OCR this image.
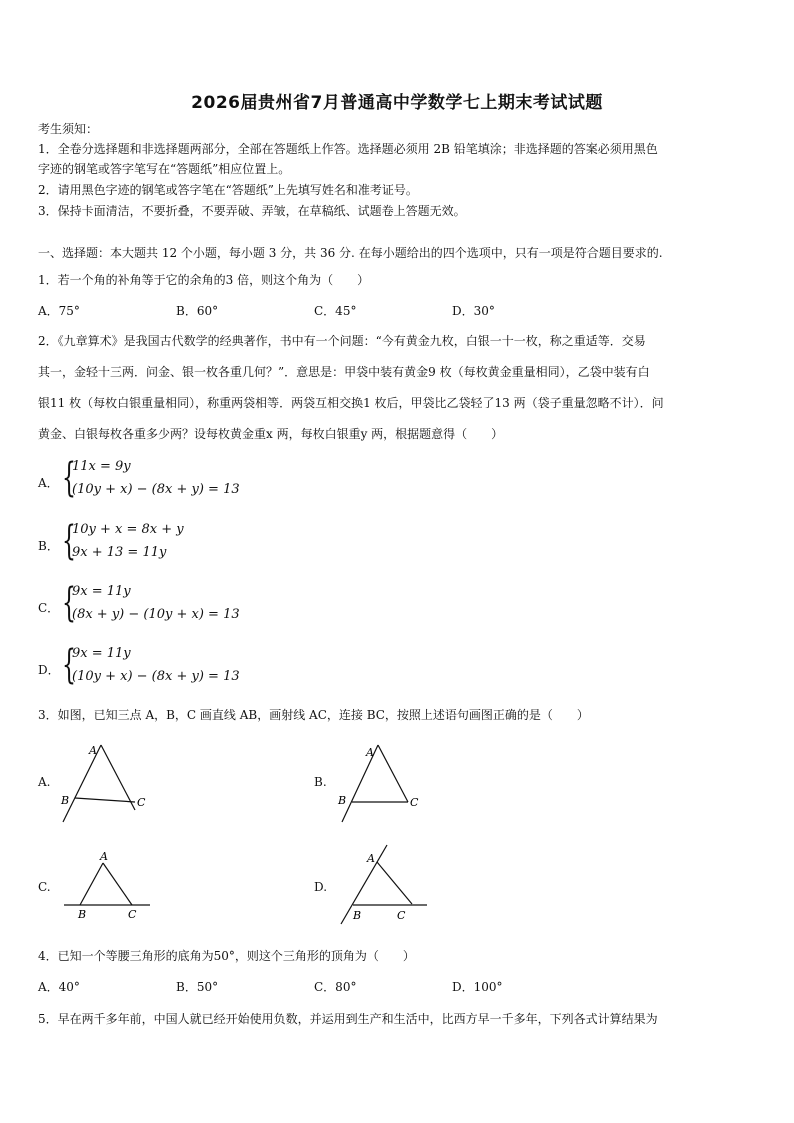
2026届贵州省7月普通高中学数学七上期末考试试题
考生须知：
1．全卷分选择题和非选择题两部分，全部在答题纸上作答。选择题必须用 2B 铅笔填涂；非选择题的答案必须用黑色
字迹的钢笔或答字笔写在“答题纸”相应位置上。
2．请用黑色字迹的钢笔或答字笔在“答题纸”上先填写姓名和准考证号。
3．保持卡面清洁，不要折叠，不要弄破、弄皱，在草稿纸、试题卷上答题无效。
一、选择题：本大题共 12 个小题，每小题 3 分，共 36 分. 在每小题给出的四个选项中，只有一项是符合题目要求的.
1．若一个角的补角等于它的余角的3 倍，则这个角为（　　）
A．75°	B．60°	C．45°	D．30°
2．《九章算术》是我国古代数学的经典著作，书中有一个问题：“今有黄金九枚，白银一十一枚，称之重适等．交易
其一，金轻十三两．问金、银一枚各重几何？”．意思是：甲袋中装有黄金9 枚（每枚黄金重量相同），乙袋中装有白
银11 枚（每枚白银重量相同），称重两袋相等．两袋互相交换1 枚后，甲袋比乙袋轻了13 两（袋子重量忽略不计）．问
黄金、白银每枚各重多少两？设每枚黄金重x 两，每枚白银重y 两，根据题意得（　　）
A． {
11x = 9y
(10y + x) − (8x + y) = 13
B． {
10y + x = 8x + y
9x + 13 = 11y
C． {
9x = 11y
(8x + y) − (10y + x) = 13
D． {
9x = 11y
(10y + x) − (8x + y) = 13
3．如图，已知三点 A，B，C 画直线 AB，画射线 AC，连接 BC，按照上述语句画图正确的是（　　）
A.
A
B	C
B.
A
B	C
C.
A
B	C
D.
A
B	C
4．已知一个等腰三角形的底角为50°，则这个三角形的顶角为（　　）
A．40°	B．50°	C．80°	D．100°
5．早在两千多年前，中国人就已经开始使用负数，并运用到生产和生活中，比西方早一千多年，下列各式计算结果为
